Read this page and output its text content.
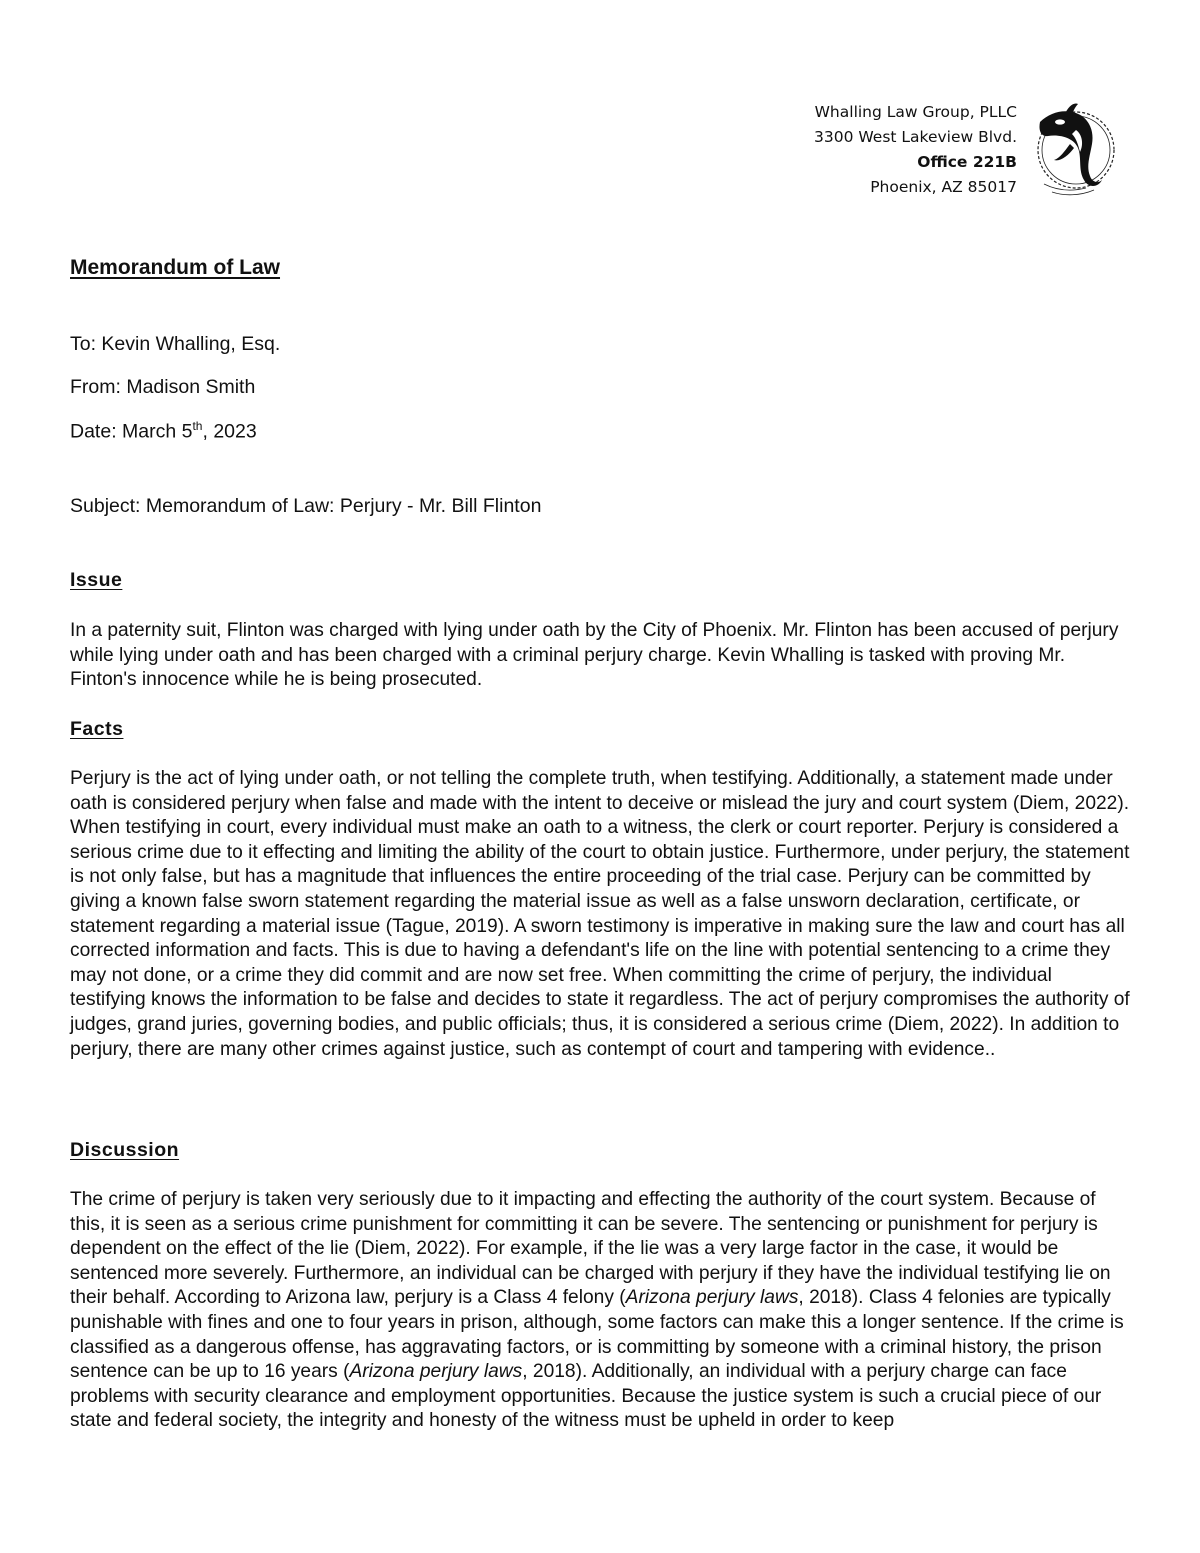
Whalling Law Group, PLLC
3300 West Lakeview Blvd.
Office 221B
Phoenix, AZ 85017
Memorandum of Law
To: Kevin Whalling, Esq.
From: Madison Smith
Date: March 5th, 2023
Subject: Memorandum of Law: Perjury - Mr. Bill Flinton
Issue
In a paternity suit, Flinton was charged with lying under oath by the City of Phoenix. Mr. Flinton has been accused of perjury while lying under oath and has been charged with a criminal perjury charge. Kevin Whalling is tasked with proving Mr. Finton's innocence while he is being prosecuted.
Facts
Perjury is the act of lying under oath, or not telling the complete truth, when testifying. Additionally, a statement made under oath is considered perjury when false and made with the intent to deceive or mislead the jury and court system (Diem, 2022). When testifying in court, every individual must make an oath to a witness, the clerk or court reporter. Perjury is considered a serious crime due to it effecting and limiting the ability of the court to obtain justice. Furthermore, under perjury, the statement is not only false, but has a magnitude that influences the entire proceeding of the trial case. Perjury can be committed by giving a known false sworn statement regarding the material issue as well as a false unsworn declaration, certificate, or statement regarding a material issue (Tague, 2019). A sworn testimony is imperative in making sure the law and court has all corrected information and facts. This is due to having a defendant's life on the line with potential sentencing to a crime they may not done, or a crime they did commit and are now set free. When committing the crime of perjury, the individual testifying knows the information to be false and decides to state it regardless. The act of perjury compromises the authority of judges, grand juries, governing bodies, and public officials; thus, it is considered a serious crime (Diem, 2022). In addition to perjury, there are many other crimes against justice, such as contempt of court and tampering with evidence..
Discussion
The crime of perjury is taken very seriously due to it impacting and effecting the authority of the court system. Because of this, it is seen as a serious crime punishment for committing it can be severe. The sentencing or punishment for perjury is dependent on the effect of the lie (Diem, 2022). For example, if the lie was a very large factor in the case, it would be sentenced more severely. Furthermore, an individual can be charged with perjury if they have the individual testifying lie on their behalf. According to Arizona law, perjury is a Class 4 felony (Arizona perjury laws, 2018). Class 4 felonies are typically punishable with fines and one to four years in prison, although, some factors can make this a longer sentence. If the crime is classified as a dangerous offense, has aggravating factors, or is committing by someone with a criminal history, the prison sentence can be up to 16 years (Arizona perjury laws, 2018). Additionally, an individual with a perjury charge can face problems with security clearance and employment opportunities. Because the justice system is such a crucial piece of our state and federal society, the integrity and honesty of the witness must be upheld in order to keep
